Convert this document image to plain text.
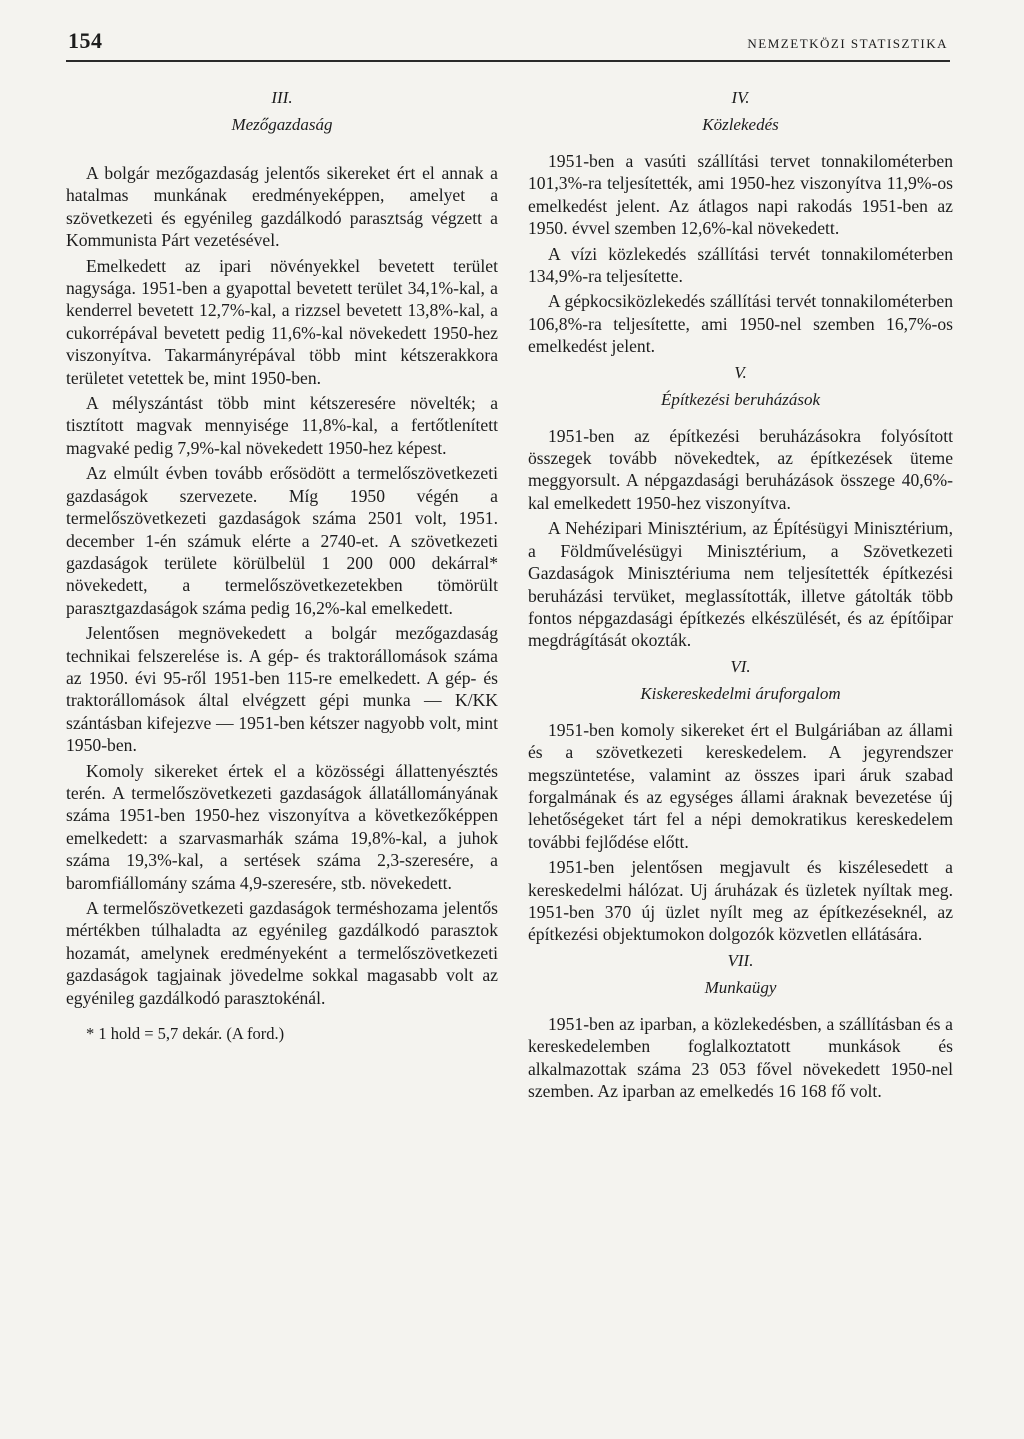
154	NEMZETKÖZI STATISZTIKA
III.
Mezőgazdaság

A bolgár mezőgazdaság jelentős sikereket ért el annak a hatalmas munkának eredményeképpen, amelyet a szövetkezeti és egyénileg gazdálkodó parasztság végzett a Kommunista Párt vezetésével.

Emelkedett az ipari növényekkel bevetett terület nagysága. 1951-ben a gyapottal bevetett terület 34,1%-kal, a kenderrel bevetett 12,7%-kal, a rizzsel bevetett 13,8%-kal, a cukorrépával bevetett pedig 11,6%-kal növekedett 1950-hez viszonyítva. Takarmányrépával több mint kétszerakkora területet vetettek be, mint 1950-ben.

A mélyszántást több mint kétszeresére növelték; a tisztított magvak mennyisége 11,8%-kal, a fertőtlenített magvaké pedig 7,9%-kal növekedett 1950-hez képest.

Az elmúlt évben tovább erősödött a termelőszövetkezeti gazdaságok szervezete. Míg 1950 végén a termelőszövetkezeti gazdaságok száma 2501 volt, 1951. december 1-én számuk elérte a 2740-et. A szövetkezeti gazdaságok területe körülbelül 1 200 000 dekárral* növekedett, a termelőszövetkezetekben tömörült parasztgazdaságok száma pedig 16,2%-kal emelkedett.

Jelentősen megnövekedett a bolgár mezőgazdaság technikai felszerelése is. A gép- és traktorállomások száma az 1950. évi 95-ről 1951-ben 115-re emelkedett. A gép- és traktorállomások által elvégzett gépi munka — K/KK szántásban kifejezve — 1951-ben kétszer nagyobb volt, mint 1950-ben.

Komoly sikereket értek el a közösségi állattenyésztés terén. A termelőszövetkezeti gazdaságok állatállományának száma 1951-ben 1950-hez viszonyítva a következőképpen emelkedett: a szarvasmarhák száma 19,8%-kal, a juhok száma 19,3%-kal, a sertések száma 2,3-szeresére, a baromfiállomány száma 4,9-szeresére, stb. növekedett.

A termelőszövetkezeti gazdaságok terméshozama jelentős mértékben túlhaladta az egyénileg gazdálkodó parasztok hozamát, amelynek eredményeként a termelőszövetkezeti gazdaságok tagjainak jövedelme sokkal magasabb volt az egyénileg gazdálkodó parasztokénál.

* 1 hold = 5,7 dekár. (A ford.)
IV.
Közlekedés

1951-ben a vasúti szállítási tervet tonnakilométerben 101,3%-ra teljesítették, ami 1950-hez viszonyítva 11,9%-os emelkedést jelent. Az átlagos napi rakodás 1951-ben az 1950. évvel szemben 12,6%-kal növekedett.

A vízi közlekedés szállítási tervét tonnakilométerben 134,9%-ra teljesítette.

A gépkocsiközlekedés szállítási tervét tonnakilométerben 106,8%-ra teljesítette, ami 1950-nel szemben 16,7%-os emelkedést jelent.

V.
Építkezési beruházások

1951-ben az építkezési beruházásokra folyósított összegek tovább növekedtek, az építkezések üteme meggyorsult. A népgazdasági beruházások összege 40,6%-kal emelkedett 1950-hez viszonyítva.

A Nehézipari Minisztérium, az Építésügyi Minisztérium, a Földművelésügyi Minisztérium, a Szövetkezeti Gazdaságok Minisztériuma nem teljesítették építkezési beruházási tervüket, meglassították, illetve gátolták több fontos népgazdasági építkezés elkészülését, és az építőipar megdrágítását okozták.

VI.
Kiskereskedelmi áruforgalom

1951-ben komoly sikereket ért el Bulgáriában az állami és a szövetkezeti kereskedelem. A jegyrendszer megszüntetése, valamint az összes ipari áruk szabad forgalmának és az egységes állami áraknak bevezetése új lehetőségeket tárt fel a népi demokratikus kereskedelem további fejlődése előtt.

1951-ben jelentősen megjavult és kiszélesedett a kereskedelmi hálózat. Uj áruházak és üzletek nyíltak meg. 1951-ben 370 új üzlet nyílt meg az építkezéseknél, az építkezési objektumokon dolgozók közvetlen ellátására.

VII.
Munkaügy

1951-ben az iparban, a közlekedésben, a szállításban és a kereskedelemben foglalkoztatott munkások és alkalmazottak száma 23 053 fővel növekedett 1950-nel szemben. Az iparban az emelkedés 16 168 fő volt.
